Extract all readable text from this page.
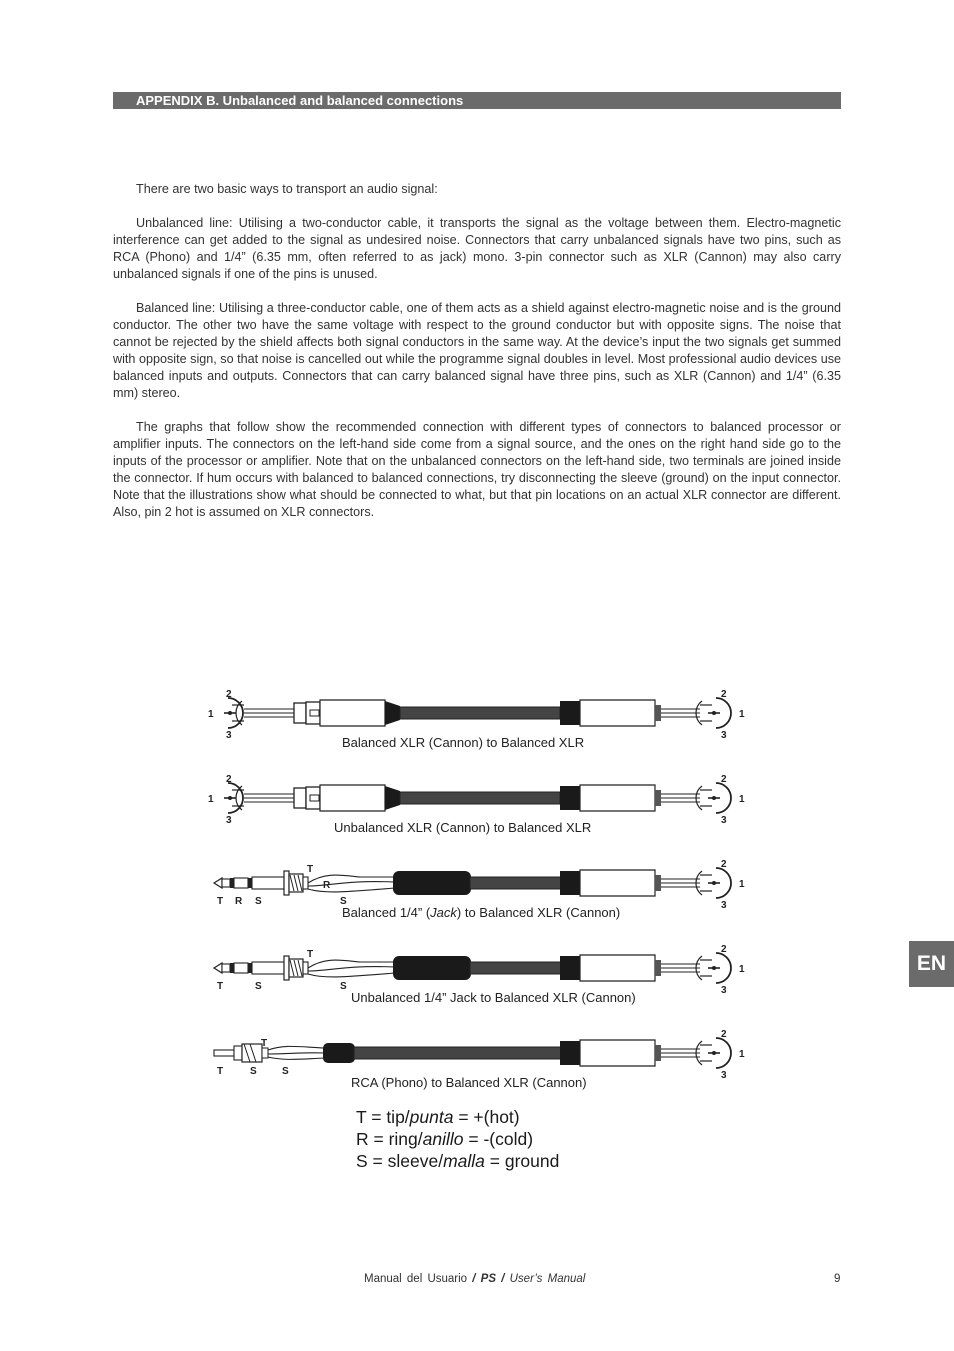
APPENDIX B. Unbalanced and balanced connections

There are two basic ways to transport an audio signal:

Unbalanced line: Utilising a two-conductor cable, it transports the signal as the voltage between them. Electro-magnetic interference can get added to the signal as undesired noise. Connectors that carry unbalanced signals have two pins, such as RCA (Phono) and 1/4” (6.35 mm, often referred to as jack) mono. 3-pin connector such as XLR (Cannon) may also carry unbalanced signals if one of the pins is unused.

Balanced line: Utilising a three-conductor cable, one of them acts as a shield against electro-magnetic noise and is the ground conductor. The other two have the same voltage with respect to the ground conductor but with opposite signs. The noise that cannot be rejected by the shield affects both signal conductors in the same way. At the device’s input the two signals get summed with opposite sign, so that noise is cancelled out while the programme signal doubles in level. Most professional audio devices use balanced inputs and outputs. Connectors that can carry balanced signal have three pins, such as XLR (Cannon) and 1/4” (6.35 mm) stereo.

The graphs that follow show the recommended connection with different types of connectors to balanced processor or amplifier inputs. The connectors on the left-hand side come from a signal source, and the ones on the right hand side go to the inputs of the processor or amplifier. Note that on the unbalanced connectors on the left-hand side, two terminals are joined inside the connector. If hum occurs with balanced to balanced connections, try disconnecting the sleeve (ground) on the input connector. Note that the illustrations show what should be connected to what, but that pin locations on an actual XLR connector are different. Also, pin 2 hot is assumed on XLR connectors.

EN
2
1
3
2
1
3
Balanced XLR (Cannon) to Balanced XLR
2
1
3
2
1
3
Unbalanced XLR (Cannon) to Balanced XLR
T
R
S
T R S
2
1
3
Balanced 1/4” (Jack) to Balanced XLR (Cannon)
T
S
T	S
2
1
3
Unbalanced 1/4” Jack to Balanced XLR (Cannon)
T
T	S	S
2
1
3
RCA (Phono) to Balanced XLR (Cannon)
T = tip/punta = +(hot)
R = ring/anillo = -(cold)
S = sleeve/malla = ground
Manual del Usuario / PS / User’s Manual	9
